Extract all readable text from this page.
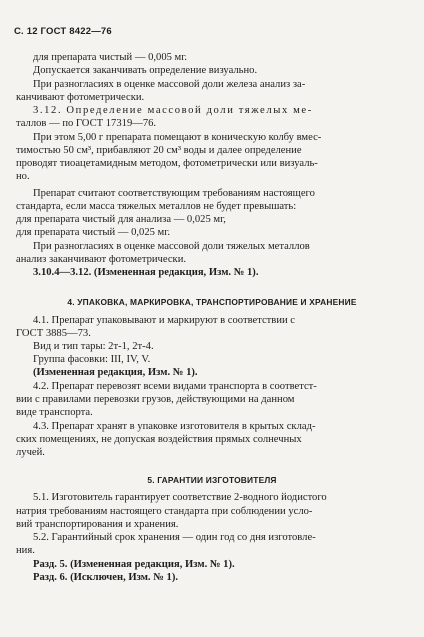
С. 12 ГОСТ 8422—76
для препарата чистый — 0,005 мг.
Допускается заканчивать определение визуально.
При разногласиях в оценке массовой доли железа анализ за-
канчивают фотометрически.
3.12. Определение массовой доли тяжелых ме-
таллов — по ГОСТ 17319—76.
При этом 5,00 г препарата помещают в коническую колбу вмес-
тимостью 50 см³, прибавляют 20 см³ воды и далее определение
проводят тиоацетамидным методом, фотометрически или визуаль-
но.
Препарат считают соответствующим требованиям настоящего
стандарта, если масса тяжелых металлов не будет превышать:
для препарата чистый для анализа — 0,025 мг,
для препарата чистый — 0,025 мг.
При разногласиях в оценке массовой доли тяжелых металлов
анализ заканчивают фотометрически.
3.10.4—3.12. (Измененная редакция, Изм. № 1).
4. УПАКОВКА, МАРКИРОВКА, ТРАНСПОРТИРОВАНИЕ И ХРАНЕНИЕ
4.1. Препарат упаковывают и маркируют в соответствии с
ГОСТ 3885—73.
Вид и тип тары: 2т-1, 2т-4.
Группа фасовки: III, IV, V.
(Измененная редакция, Изм. № 1).
4.2. Препарат перевозят всеми видами транспорта в соответст-
вии с правилами перевозки грузов, действующими на данном
виде транспорта.
4.3. Препарат хранят в упаковке изготовителя в крытых склад-
ских помещениях, не допуская воздействия прямых солнечных
лучей.
5. ГАРАНТИИ ИЗГОТОВИТЕЛЯ
5.1. Изготовитель гарантирует соответствие 2-водного йодистого
натрия требованиям настоящего стандарта при соблюдении усло-
вий транспортирования и хранения.
5.2. Гарантийный срок хранения — один год со дня изготовле-
ния.
Разд. 5. (Измененная редакция, Изм. № 1).
Разд. 6. (Исключен, Изм. № 1).
